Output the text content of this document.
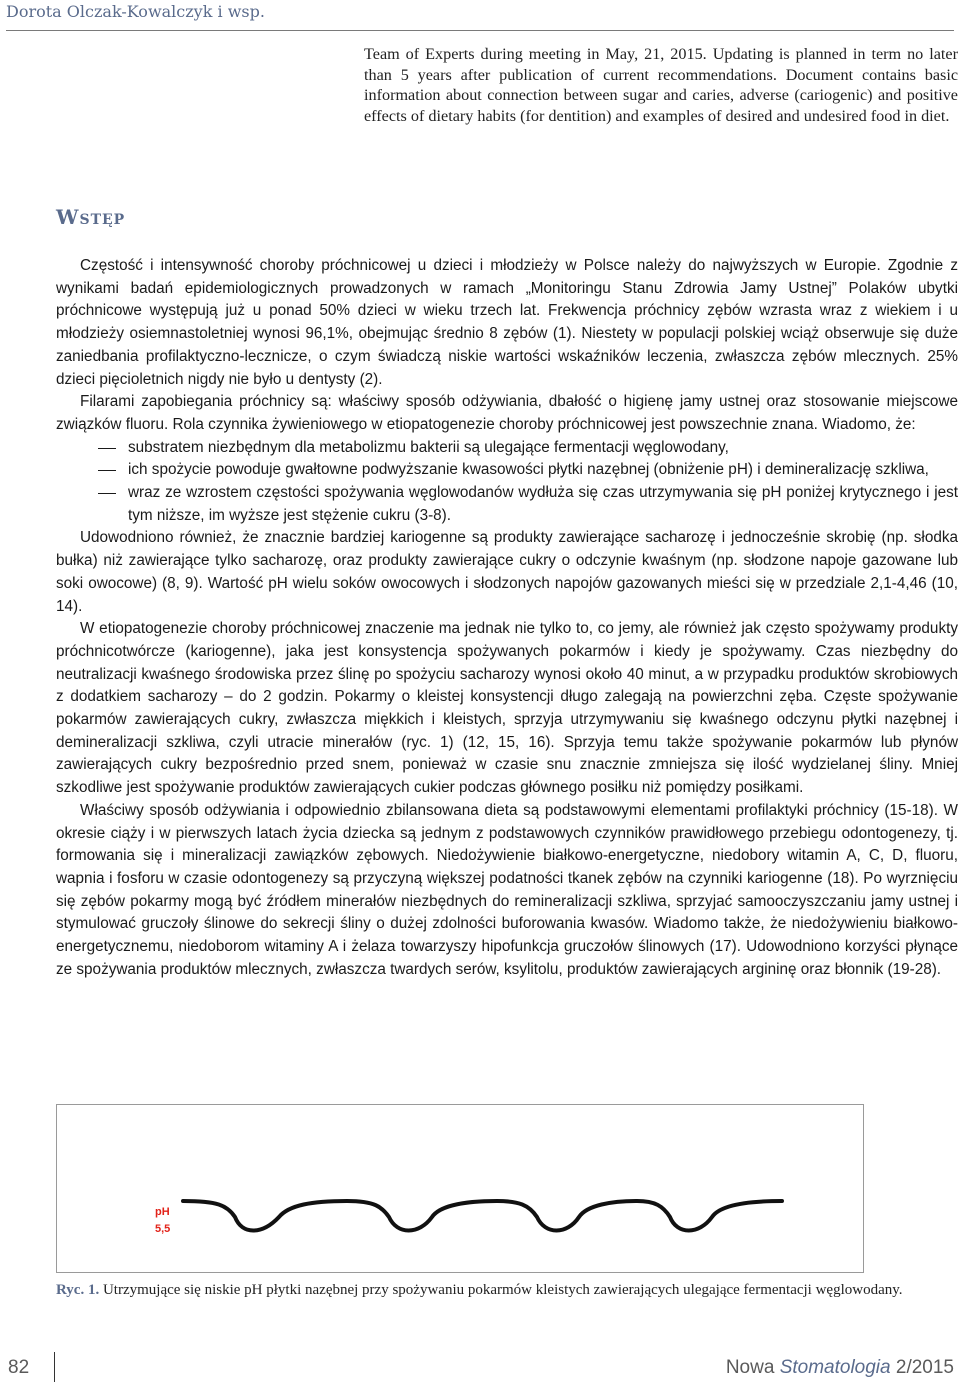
Dorota Olczak-Kowalczyk i wsp.

Team of Experts during meeting in May, 21, 2015. Updating is planned in term no later than 5 years after publication of current recommendations. Document contains basic information about connection between sugar and caries, adverse (cariogenic) and positive effects of dietary habits (for dentition) and examples of desired and undesired food in diet.

Wstęp

Częstość i intensywność choroby próchnicowej u dzieci i młodzieży w Polsce należy do najwyższych w Europie. Zgodnie z wynikami badań epidemiologicznych prowadzonych w ramach „Monitoringu Stanu Zdrowia Jamy Ustnej” Polaków ubytki próchnicowe występują już u ponad 50% dzieci w wieku trzech lat. Frekwencja próchnicy zębów wzrasta wraz z wiekiem i u młodzieży osiemnastoletniej wynosi 96,1%, obejmując średnio 8 zębów (1). Niestety w populacji polskiej wciąż obserwuje się duże zaniedbania profilaktyczno-lecznicze, o czym świadczą niskie wartości wskaźników leczenia, zwłaszcza zębów mlecznych. 25% dzieci pięcioletnich nigdy nie było u dentysty (2).

Filarami zapobiegania próchnicy są: właściwy sposób odżywiania, dbałość o higienę jamy ustnej oraz stosowanie miejscowe związków fluoru. Rola czynnika żywieniowego w etiopatogenezie choroby próchnicowej jest powszechnie znana. Wiadomo, że:

substratem niezbędnym dla metabolizmu bakterii są ulegające fermentacji węglowodany,
ich spożycie powoduje gwałtowne podwyższanie kwasowości płytki nazębnej (obniżenie pH) i demineralizację szkliwa,
wraz ze wzrostem częstości spożywania węglowodanów wydłuża się czas utrzymywania się pH poniżej krytycznego i jest tym niższe, im wyższe jest stężenie cukru (3-8).

Udowodniono również, że znacznie bardziej kariogenne są produkty zawierające sacharozę i jednocześnie skrobię (np. słodka bułka) niż zawierające tylko sacharozę, oraz produkty zawierające cukry o odczynie kwaśnym (np. słodzone napoje gazowane lub soki owocowe) (8, 9). Wartość pH wielu soków owocowych i słodzonych napojów gazowanych mieści się w przedziale 2,1-4,46 (10, 14).

W etiopatogenezie choroby próchnicowej znaczenie ma jednak nie tylko to, co jemy, ale również jak często spożywamy produkty próchnicotwórcze (kariogenne), jaka jest konsystencja spożywanych pokarmów i kiedy je spożywamy. Czas niezbędny do neutralizacji kwaśnego środowiska przez ślinę po spożyciu sacharozy wynosi około 40 minut, a w przypadku produktów skrobiowych z dodatkiem sacharozy – do 2 godzin. Pokarmy o kleistej konsystencji długo zalegają na powierzchni zęba. Częste spożywanie pokarmów zawierających cukry, zwłaszcza miękkich i kleistych, sprzyja utrzymywaniu się kwaśnego odczynu płytki nazębnej i demineralizacji szkliwa, czyli utracie minerałów (ryc. 1) (12, 15, 16). Sprzyja temu także spożywanie pokarmów lub płynów zawierających cukry bezpośrednio przed snem, ponieważ w czasie snu znacznie zmniejsza się ilość wydzielanej śliny. Mniej szkodliwe jest spożywanie produktów zawierających cukier podczas głównego posiłku niż pomiędzy posiłkami.

Właściwy sposób odżywiania i odpowiednio zbilansowana dieta są podstawowymi elementami profilaktyki próchnicy (15-18). W okresie ciąży i w pierwszych latach życia dziecka są jednym z podstawowych czynników prawidłowego przebiegu odontogenezy, tj. formowania się i mineralizacji zawiązków zębowych. Niedożywienie białkowo-energetyczne, niedobory witamin A, C, D, fluoru, wapnia i fosforu w czasie odontogenezy są przyczyną większej podatności tkanek zębów na czynniki kariogenne (18). Po wyrznięciu się zębów pokarmy mogą być źródłem minerałów niezbędnych do remineralizacji szkliwa, sprzyjać samooczyszczaniu jamy ustnej i stymulować gruczoły ślinowe do sekrecji śliny o dużej zdolności buforowania kwasów. Wiadomo także, że niedożywieniu białkowo-energetycznemu, niedoborom witaminy A i żelaza towarzyszy hipofunkcja gruczołów ślinowych (17). Udowodniono korzyści płynące ze spożywania produktów mlecznych, zwłaszcza twardych serów, ksylitolu, produktów zawierających argininę oraz błonnik (19-28).

pH
5,5
Ryc. 1. Utrzymujące się niskie pH płytki nazębnej przy spożywaniu pokarmów kleistych zawierających ulegające fermentacji węglowodany.
82	Nowa Stomatologia 2/2015
